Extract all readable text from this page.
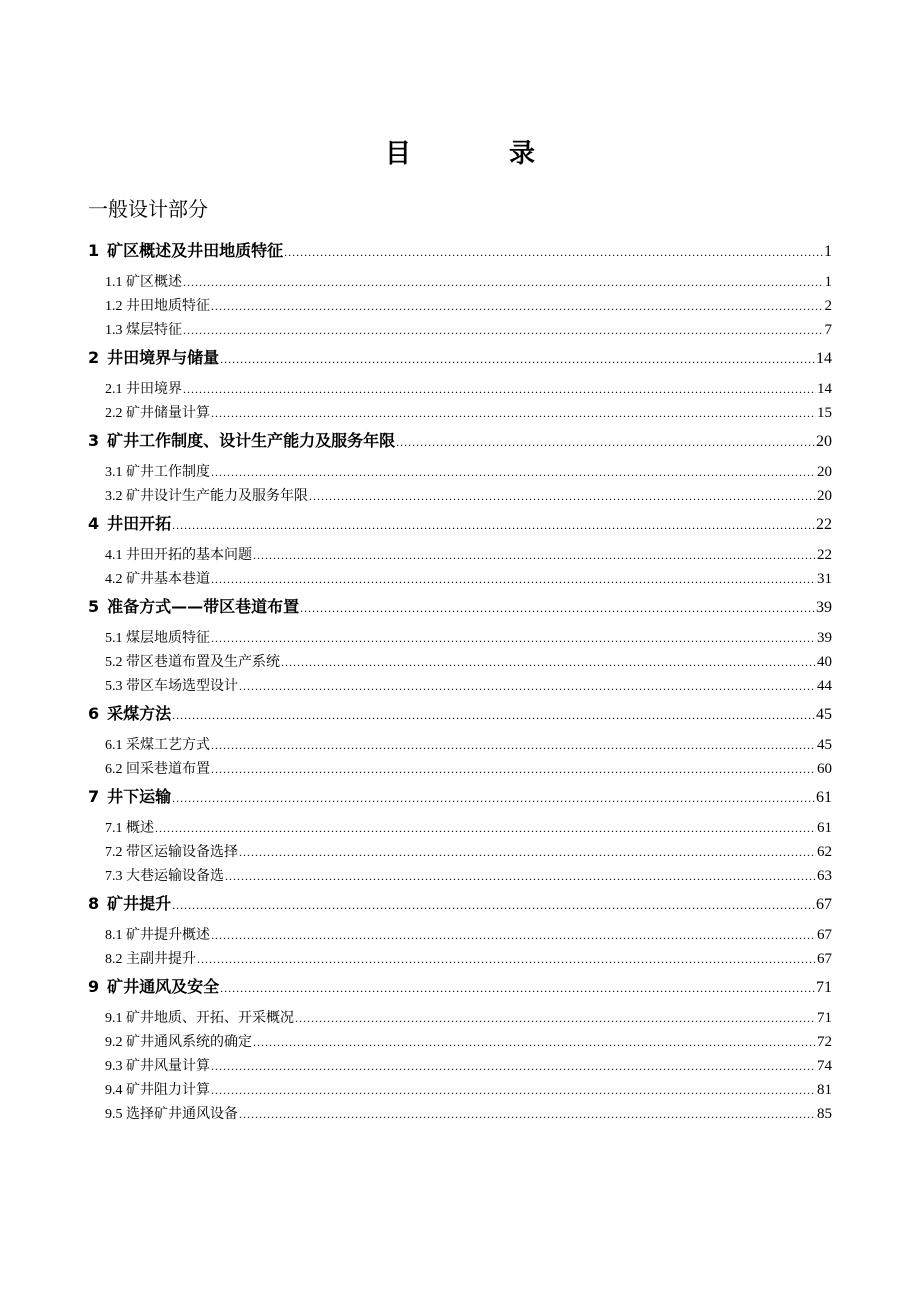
目　录
一般设计部分
1 矿区概述及井田地质特征 .....	1
1.1 矿区概述 .....	1
1.2 井田地质特征 .....	2
1.3 煤层特征 .....	7
2 井田境界与储量 .....	14
2.1 井田境界 .....	14
2.2 矿井储量计算 .....	15
3 矿井工作制度、设计生产能力及服务年限 .....	20
3.1 矿井工作制度 .....	20
3.2 矿井设计生产能力及服务年限 .....	20
4 井田开拓 .....	22
4.1 井田开拓的基本问题 .....	22
4.2 矿井基本巷道 .....	31
5 准备方式——带区巷道布置 .....	39
5.1 煤层地质特征 .....	39
5.2 带区巷道布置及生产系统 .....	40
5.3 带区车场选型设计 .....	44
6 采煤方法 .....	45
6.1 采煤工艺方式 .....	45
6.2 回采巷道布置 .....	60
7 井下运输 .....	61
7.1 概述 .....	61
7.2 带区运输设备选择 .....	62
7.3 大巷运输设备选 .....	63
8 矿井提升 .....	67
8.1 矿井提升概述 .....	67
8.2 主副井提升 .....	67
9 矿井通风及安全 .....	71
9.1 矿井地质、开拓、开采概况 .....	71
9.2 矿井通风系统的确定 .....	72
9.3 矿井风量计算 .....	74
9.4 矿井阻力计算 .....	81
9.5 选择矿井通风设备 .....	85
